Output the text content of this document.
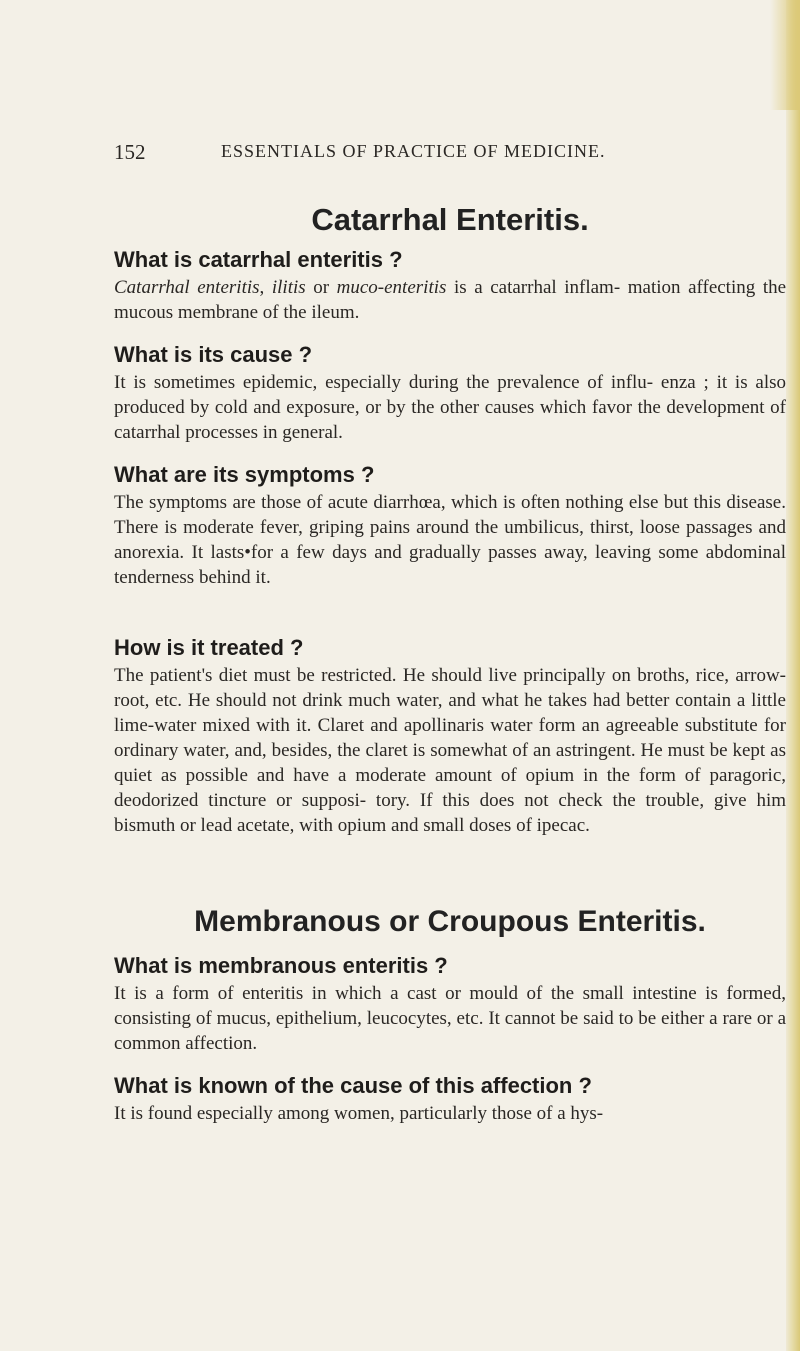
152	ESSENTIALS OF PRACTICE OF MEDICINE.
Catarrhal Enteritis.
What is catarrhal enteritis ?
Catarrhal enteritis, ilitis or muco-enteritis is a catarrhal inflam- mation affecting the mucous membrane of the ileum.
What is its cause ?
It is sometimes epidemic, especially during the prevalence of influ- enza ; it is also produced by cold and exposure, or by the other causes which favor the development of catarrhal processes in general.
What are its symptoms ?
The symptoms are those of acute diarrhœa, which is often nothing else but this disease. There is moderate fever, griping pains around the umbilicus, thirst, loose passages and anorexia. It lasts•for a few days and gradually passes away, leaving some abdominal tenderness behind it.
How is it treated ?
The patient's diet must be restricted. He should live principally on broths, rice, arrow-root, etc. He should not drink much water, and what he takes had better contain a little lime-water mixed with it. Claret and apollinaris water form an agreeable substitute for ordinary water, and, besides, the claret is somewhat of an astringent. He must be kept as quiet as possible and have a moderate amount of opium in the form of paragoric, deodorized tincture or supposi- tory. If this does not check the trouble, give him bismuth or lead acetate, with opium and small doses of ipecac.
Membranous or Croupous Enteritis.
What is membranous enteritis ?
It is a form of enteritis in which a cast or mould of the small intestine is formed, consisting of mucus, epithelium, leucocytes, etc. It cannot be said to be either a rare or a common affection.
What is known of the cause of this affection ?
It is found especially among women, particularly those of a hys-
